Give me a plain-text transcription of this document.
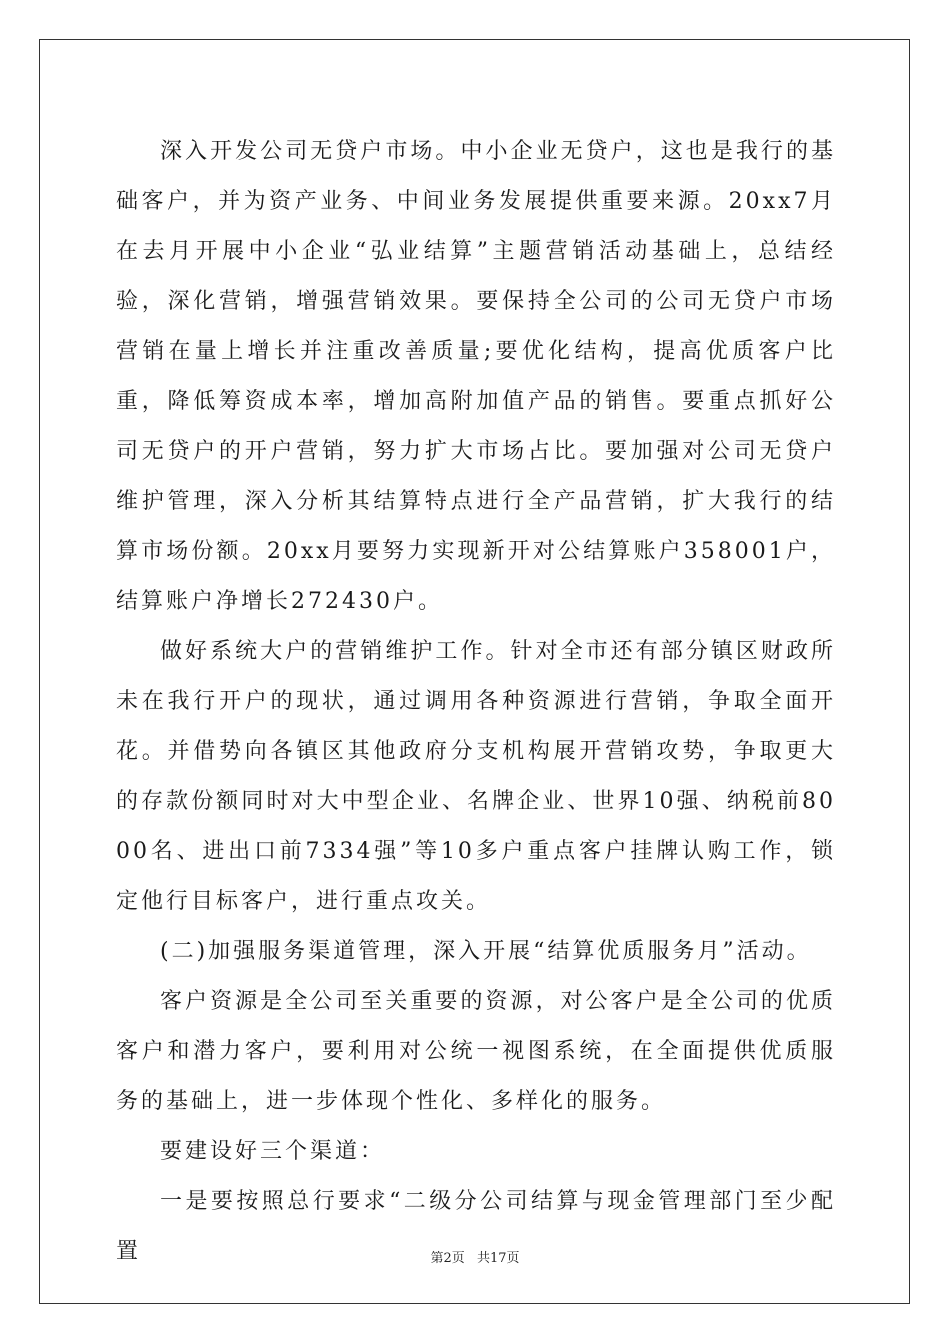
深入开发公司无贷户市场。中小企业无贷户，这也是我行的基础客户，并为资产业务、中间业务发展提供重要来源。20xx7月在去月开展中小企业“弘业结算”主题营销活动基础上，总结经验，深化营销，增强营销效果。要保持全公司的公司无贷户市场营销在量上增长并注重改善质量;要优化结构，提高优质客户比重，降低筹资成本率，增加高附加值产品的销售。要重点抓好公司无贷户的开户营销，努力扩大市场占比。要加强对公司无贷户维护管理，深入分析其结算特点进行全产品营销，扩大我行的结算市场份额。20xx月要努力实现新开对公结算账户358001户，结算账户净增长272430户。

做好系统大户的营销维护工作。针对全市还有部分镇区财政所未在我行开户的现状，通过调用各种资源进行营销，争取全面开花。并借势向各镇区其他政府分支机构展开营销攻势，争取更大的存款份额同时对大中型企业、名牌企业、世界10强、纳税前8000名、进出口前7334强”等10多户重点客户挂牌认购工作，锁定他行目标客户，进行重点攻关。

(二)加强服务渠道管理，深入开展“结算优质服务月”活动。

客户资源是全公司至关重要的资源，对公客户是全公司的优质客户和潜力客户，要利用对公统一视图系统，在全面提供优质服务的基础上，进一步体现个性化、多样化的服务。

要建设好三个渠道：

一是要按照总行要求“二级分公司结算与现金管理部门至少配置	第2页 共17页
